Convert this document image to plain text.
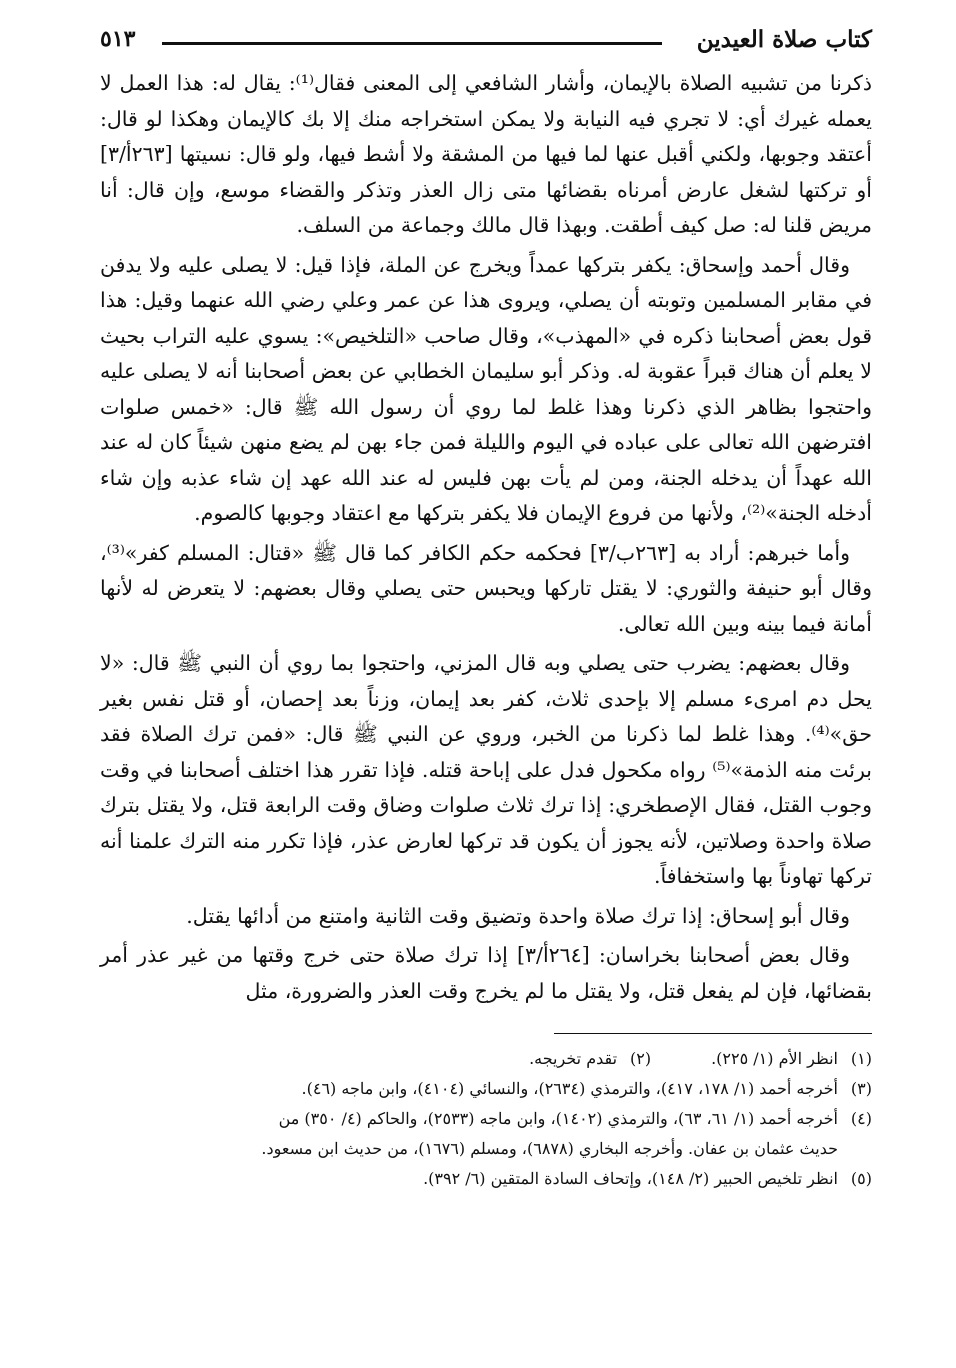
كتاب صلاة العيدين
٥١٣

ذكرنا من تشبيه الصلاة بالإيمان، وأشار الشافعي إلى المعنى فقال⁽¹⁾: يقال له: هذا العمل لا يعمله غيرك أي: لا تجري فيه النيابة ولا يمكن استخراجه منك إلا بك كالإيمان وهكذا لو قال: أعتقد وجوبها، ولكني أقبل عنها لما فيها من المشقة ولا أشط فيها، ولو قال: نسيتها [٢٦٣أ/٣] أو تركتها لشغل عارض أمرناه بقضائها متى زال العذر وتذكر والقضاء موسع، وإن قال: أنا مريض قلنا له: صل كيف أطقت. وبهذا قال مالك وجماعة من السلف.

وقال أحمد وإسحاق: يكفر بتركها عمداً ويخرج عن الملة، فإذا قيل: لا يصلى عليه ولا يدفن في مقابر المسلمين وتوبته أن يصلي، ويروى هذا عن عمر وعلي رضي الله عنهما وقيل: هذا قول بعض أصحابنا ذكره في «المهذب»، وقال صاحب «التلخيص»: يسوي عليه التراب بحيث لا يعلم أن هناك قبراً عقوبة له. وذكر أبو سليمان الخطابي عن بعض أصحابنا أنه لا يصلى عليه واحتجوا بظاهر الذي ذكرنا وهذا غلط لما روي أن رسول الله ﷺ قال: «خمس صلوات افترضهن الله تعالى على عباده في اليوم والليلة فمن جاء بهن لم يضع منهن شيئاً كان له عند الله عهداً أن يدخله الجنة، ومن لم يأت بهن فليس له عند الله عهد إن شاء عذبه وإن شاء أدخله الجنة»⁽²⁾، ولأنها من فروع الإيمان فلا يكفر بتركها مع اعتقاد وجوبها كالصوم.

وأما خبرهم: أراد به [٢٦٣ب/٣] فحكمه حكم الكافر كما قال ﷺ «قتال: المسلم كفر»⁽³⁾، وقال أبو حنيفة والثوري: لا يقتل تاركها ويحبس حتى يصلي وقال بعضهم: لا يتعرض له لأنها أمانة فيما بينه وبين الله تعالى.

وقال بعضهم: يضرب حتى يصلي وبه قال المزني، واحتجوا بما روي أن النبي ﷺ قال: «لا يحل دم امرىء مسلم إلا بإحدى ثلاث، كفر بعد إيمان، وزناً بعد إحصان، أو قتل نفس بغير حق»⁽⁴⁾. وهذا غلط لما ذكرنا من الخبر، وروي عن النبي ﷺ قال: «فمن ترك الصلاة فقد برئت منه الذمة»⁽⁵⁾ رواه مكحول فدل على إباحة قتله. فإذا تقرر هذا اختلف أصحابنا في وقت وجوب القتل، فقال الإصطخري: إذا ترك ثلاث صلوات وضاق وقت الرابعة قتل، ولا يقتل بترك صلاة واحدة وصلاتين، لأنه يجوز أن يكون قد تركها لعارض عذر، فإذا تكرر منه الترك علمنا أنه تركها تهاوناً بها واستخفافاً.

وقال أبو إسحاق: إذا ترك صلاة واحدة وتضيق وقت الثانية وامتنع من أدائها يقتل.

وقال بعض أصحابنا بخراسان: [٢٦٤أ/٣] إذا ترك صلاة حتى خرج وقتها من غير عذر أمر بقضائها، فإن لم يفعل قتل، ولا يقتل ما لم يخرج وقت العذر والضرورة، مثل

(١)انظر الأم (١/ ٢٢٥).(٢)تقدم تخريجه.
(٣)أخرجه أحمد (١/ ١٧٨، ٤١٧)، والترمذي (٢٦٣٤)، والنسائي (٤١٠٤)، وابن ماجه (٤٦).
(٤)أخرجه أحمد (١/ ٦١، ٦٣)، والترمذي (١٤٠٢)، وابن ماجه (٢٥٣٣)، والحاكم (٤/ ٣٥٠) من
حديث عثمان بن عفان. وأخرجه البخاري (٦٨٧٨)، ومسلم (١٦٧٦)، من حديث ابن مسعود.
(٥)انظر تلخيص الحبير (٢/ ١٤٨)، وإتحاف السادة المتقين (٦/ ٣٩٢).
